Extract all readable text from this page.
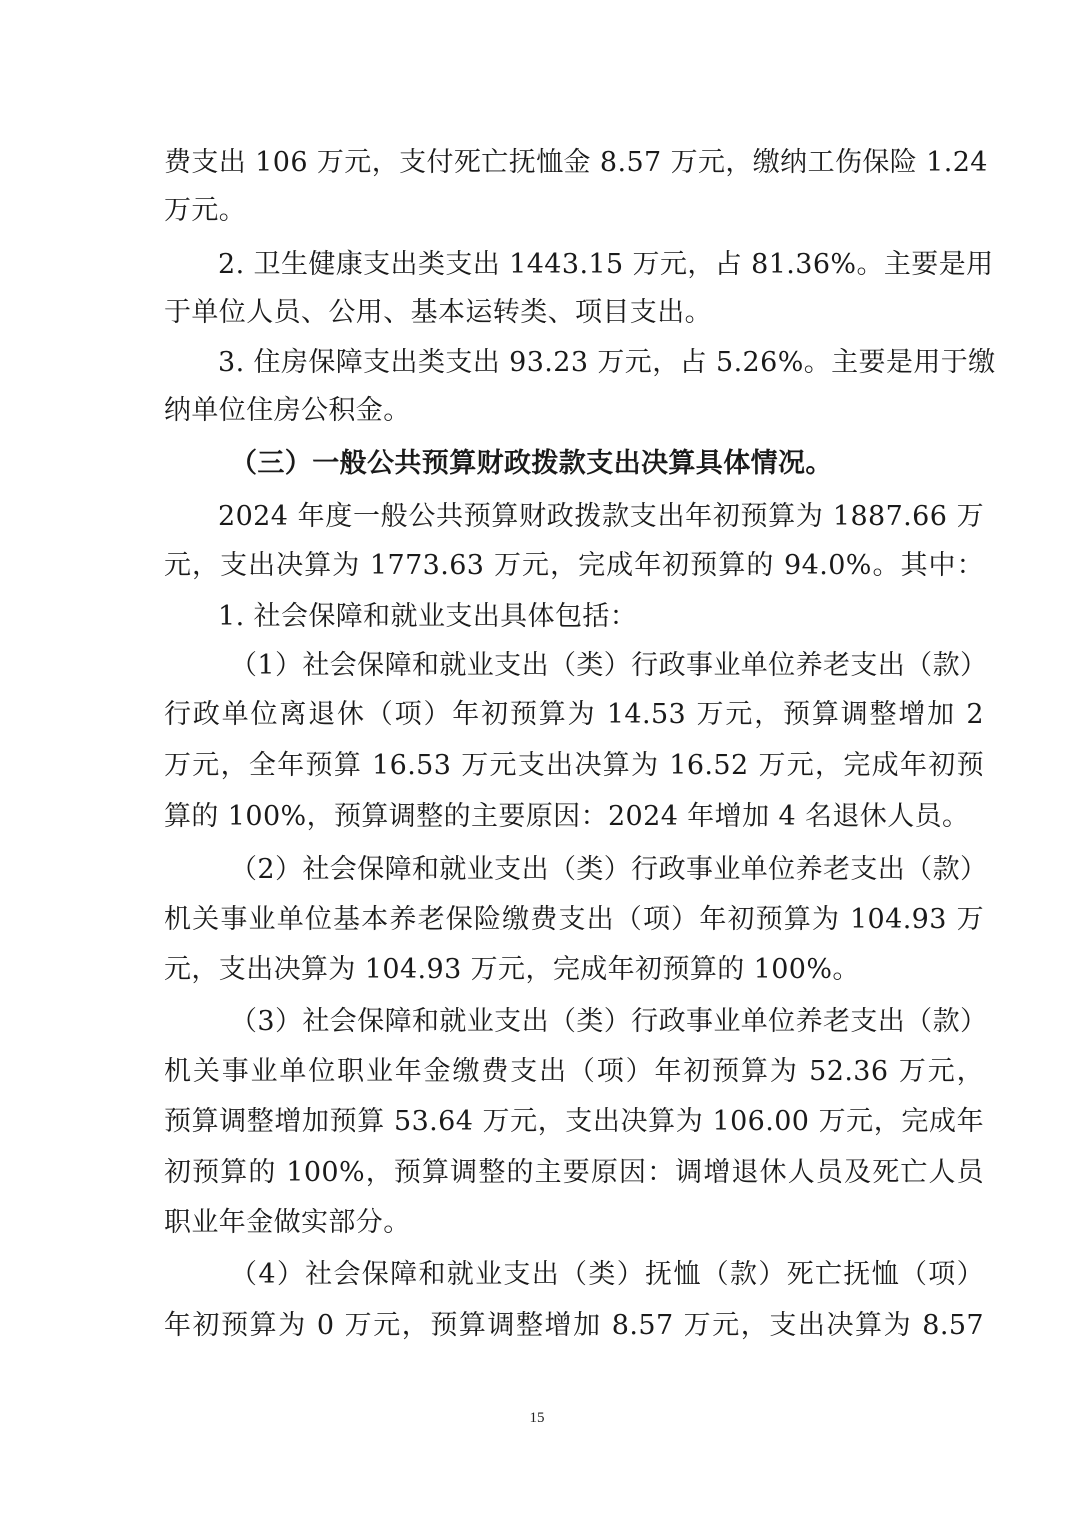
费支出 106 万元，支付死亡抚恤金 8.57 万元，缴纳工伤保险 1.24
万元。
2. 卫生健康支出类支出 1443.15 万元，占 81.36%。主要是用
于单位人员、公用、基本运转类、项目支出。
3. 住房保障支出类支出 93.23 万元，占 5.26%。主要是用于缴
纳单位住房公积金。
（三）一般公共预算财政拨款支出决算具体情况。
2024 年度一般公共预算财政拨款支出年初预算为 1887.66 万
元，支出决算为 1773.63 万元，完成年初预算的 94.0%。其中：
1. 社会保障和就业支出具体包括：
（1）社会保障和就业支出（类）行政事业单位养老支出（款）
行政单位离退休（项）年初预算为 14.53 万元，预算调整增加 2
万元，全年预算 16.53 万元支出决算为 16.52 万元，完成年初预
算的 100%，预算调整的主要原因：2024 年增加 4 名退休人员。
（2）社会保障和就业支出（类）行政事业单位养老支出（款）
机关事业单位基本养老保险缴费支出（项）年初预算为 104.93 万
元，支出决算为 104.93 万元，完成年初预算的 100%。
（3）社会保障和就业支出（类）行政事业单位养老支出（款）
机关事业单位职业年金缴费支出（项）年初预算为 52.36 万元，
预算调整增加预算 53.64 万元，支出决算为 106.00 万元，完成年
初预算的 100%，预算调整的主要原因：调增退休人员及死亡人员
职业年金做实部分。
（4）社会保障和就业支出（类）抚恤（款）死亡抚恤（项）
年初预算为 0 万元，预算调整增加 8.57 万元，支出决算为 8.57
15
